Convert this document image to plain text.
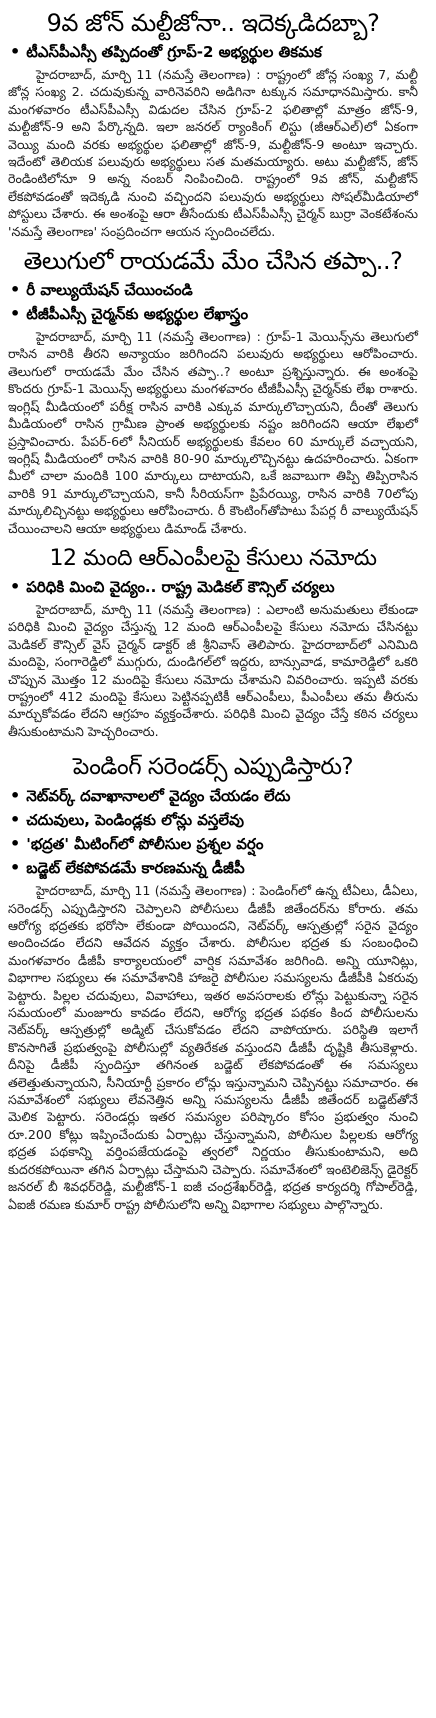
9వ జోన్ మల్టీజోనా.. ఇదెక్కడిదబ్బా?
• టీఎస్‌పీఎస్సీ తప్పిదంతో గ్రూప్-2 అభ్యర్థుల తికమక

హైదరాబాద్, మార్చి 11 (నమస్తే తెలంగాణ) : రాష్ట్రంలో జోన్ల సంఖ్య 7, మల్టీ జోన్ల సంఖ్య 2. చదువుకున్న వారినెవరిని అడిగినా టక్కున సమాధానమిస్తారు. కానీ మంగళవారం టీఎస్‌పీఎస్సీ విడుదల చేసిన గ్రూప్-2 ఫలితాల్లో మాత్రం జోన్-9, మల్టీజోన్-9 అని పేర్కొన్నది. ఇలా జనరల్ ర్యాంకింగ్ లిస్టు (జీఆర్‌ఎల్)లో ఏకంగా వెయ్యి మంది వరకు అభ్యర్థుల ఫలితాల్లో జోన్-9, మల్టీజోన్-9 అంటూ ఇచ్చారు. ఇదేంటో తెలియక పలువురు అభ్యర్థులు సత మతమయ్యారు. అటు మల్టీజోన్, జోన్ రెండింటిలోనూ 9 అన్న నంబర్ నింపించింది. రాష్ట్రంలో 9వ జోన్, మల్టీజోన్ లేకపోవడంతో ఇదెక్కడి నుంచి వచ్చిందని పలువురు అభ్యర్థులు సోషల్‌మీడియాలో పోస్టులు చేశారు. ఈ అంశంపై ఆరా తీసేందుకు టీఎస్‌పీఎస్సీ చైర్మన్ బుర్రా వెంకటేశంను 'నమస్తే తెలంగాణ' సంప్రదించగా ఆయన స్పందించలేదు.

తెలుగులో రాయడమే మేం చేసిన తప్పా..?
• రీ వాల్యుయేషన్ చేయించండి
• టీజీపీఎస్సీ చైర్మన్‌కు అభ్యర్థుల లేఖాస్త్రం

హైదరాబాద్, మార్చి 11 (నమస్తే తెలంగాణ) : గ్రూప్-1 మెయిన్స్‌ను తెలుగులో రాసిన వారికి తీరని అన్యాయం జరిగిందని పలువురు అభ్యర్థులు ఆరోపించారు. తెలుగులో రాయడమే మేం చేసిన తప్పా..? అంటూ ప్రశ్నిస్తున్నారు. ఈ అంశంపై కొందరు గ్రూప్-1 మెయిన్స్ అభ్యర్థులు మంగళవారం టీజీపీఎస్సీ చైర్మన్‌కు లేఖ రాశారు. ఇంగ్లిష్ మీడియంలో పరీక్ష రాసిన వారికి ఎక్కువ మార్కులొచ్చాయని, దీంతో తెలుగు మీడియంలో రాసిన గ్రామీణ ప్రాంత అభ్యర్థులకు నష్టం జరిగిందని ఆయా లేఖలో ప్రస్తావించారు. పేపర్-6లో సీనియర్ అభ్యర్థులకు కేవలం 60 మార్కులే వచ్చాయని, ఇంగ్లిష్ మీడియంలో రాసిన వారికి 80-90 మార్కులొచ్చినట్టు ఉదహరించారు. ఏకంగా మీలో చాలా మందికి 100 మార్కులు దాటాయని, ఒకే జవాబుగా తిప్పి తిప్పిరాసిన వారికి 91 మార్కులొచ్చాయని, కానీ సీరియస్‌గా ప్రిపేరయ్యి, రాసిన వారికి 70లోపు మార్కులిచ్చినట్టు అభ్యర్థులు ఆరోపించారు. రీ కౌంటింగ్‌తోపాటు పేపర్ల రీ వాల్యుయేషన్ చేయించాలని ఆయా అభ్యర్థులు డిమాండ్ చేశారు.

12 మంది ఆర్‌ఎంపీలపై కేసులు నమోదు
• పరిధికి మించి వైద్యం.. రాష్ట్ర మెడికల్ కౌన్సిల్ చర్యలు

హైదరాబాద్, మార్చి 11 (నమస్తే తెలంగాణ) : ఎలాంటి అనుమతులు లేకుండా పరిధికి మించి వైద్యం చేస్తున్న 12 మంది ఆర్‌ఎంపీలపై కేసులు నమోదు చేసినట్టు మెడికల్ కౌన్సిల్ వైస్ చైర్మన్ డాక్టర్ జీ శ్రీనివాస్ తెలిపారు. హైదరాబాద్‌లో ఎనిమిది మందిపై, సంగారెడ్డిలో ముగ్గురు, దుండిగల్‌లో ఇద్దరు, బాన్సువాడ, కామారెడ్డిలో ఒకరి చొప్పున మొత్తం 12 మందిపై కేసులు నమోదు చేశామని వివరించారు. ఇప్పటి వరకు రాష్ట్రంలో 412 మందిపై కేసులు పెట్టినప్పటికీ ఆర్‌ఎంపీలు, పీఎంపీలు తమ తీరును మార్చుకోవడం లేదని ఆగ్రహం వ్యక్తంచేశారు. పరిధికి మించి వైద్యం చేస్తే కఠిన చర్యలు తీసుకుంటామని హెచ్చరించారు.

పెండింగ్ సరెండర్స్ ఎప్పుడిస్తారు?
• నెట్‌వర్క్ దవాఖానాలలో వైద్యం చేయడం లేదు
• చదువులు, పెండిండ్లకు లోన్లు వస్తలేవు
• 'భద్రత' మీటింగ్‌లో పోలీసుల ప్రశ్నల వర్షం
• బడ్జెట్ లేకపోవడమే కారణమన్న డీజీపీ

హైదరాబాద్, మార్చి 11 (నమస్తే తెలంగాణ) : పెండింగ్‌లో ఉన్న టీఏలు, డీఏలు, సరెండర్స్ ఎప్పుడిస్తారని చెప్పాలని పోలీసులు డీజీపీ జితేందర్‌ను కోరారు. తమ ఆరోగ్య భద్రతకు భరోసా లేకుండా పోయిందని, నెట్‌వర్క్ ఆస్పత్రుల్లో సరైన వైద్యం అందించడం లేదని ఆవేదన వ్యక్తం చేశారు. పోలీసుల భద్రత కు సంబంధించి మంగళవారం డీజీపీ కార్యాలయంలో వార్షిక సమావేశం జరిగింది. అన్ని యూనిట్లు, విభాగాల సభ్యులు ఈ సమావేశానికి హాజరై పోలీసుల సమస్యలను డీజీపీకి ఏకరువు పెట్టారు. పిల్లల చదువులు, వివాహాలు, ఇతర అవసరాలకు లోన్లు పెట్టుకున్నా సరైన సమయంలో మంజూరు కావడం లేదని, ఆరోగ్య భద్రత పథకం కింద పోలీసులను నెట్‌వర్క్ ఆస్పత్రుల్లో అడ్మిట్ చేసుకోవడం లేదని వాపోయారు. పరిస్థితి ఇలాగే కొనసాగితే ప్రభుత్వంపై పోలీసుల్లో వ్యతిరేకత వస్తుందని డీజీపీ దృష్టికి తీసుకెళ్లారు. దీనిపై డీజీపీ స్పందిస్తూ తగినంత బడ్జెట్ లేకపోవడంతో ఈ సమస్యలు తలెత్తుతున్నాయని, సీనియార్టీ ప్రకారం లోన్లు ఇస్తున్నామని చెప్పినట్టు సమాచారం. ఈ సమావేశంలో సభ్యులు లేవనెత్తిన అన్ని సమస్యలను డీజీపీ జితేందర్ బడ్జెట్‌తోనే మెలిక పెట్టారు. సరెండర్లు ఇతర సమస్యల పరిష్కారం కోసం ప్రభుత్వం నుంచి రూ.200 కోట్లు ఇప్పించేందుకు ఏర్పాట్లు చేస్తున్నామని, పోలీసుల పిల్లలకు ఆరోగ్య భద్రత పథకాన్ని వర్తింపజేయడంపై త్వరలో నిర్ణయం తీసుకుంటామని, అది కుదరకపోయినా తగిన ఏర్పాట్లు చేస్తామని చెప్పారు. సమావేశంలో ఇంటెలిజెన్స్ డైరెక్టర్ జనరల్ బీ శివధర్‌రెడ్డి, మల్టీజోన్-1 ఐజీ చంద్రశేఖర్‌రెడ్డి, భద్రత కార్యదర్శి గోపాల్‌రెడ్డి, ఏఐజీ రమణ కుమార్ రాష్ట్ర పోలీసులోని అన్ని విభాగాల సభ్యులు పాల్గొన్నారు.
